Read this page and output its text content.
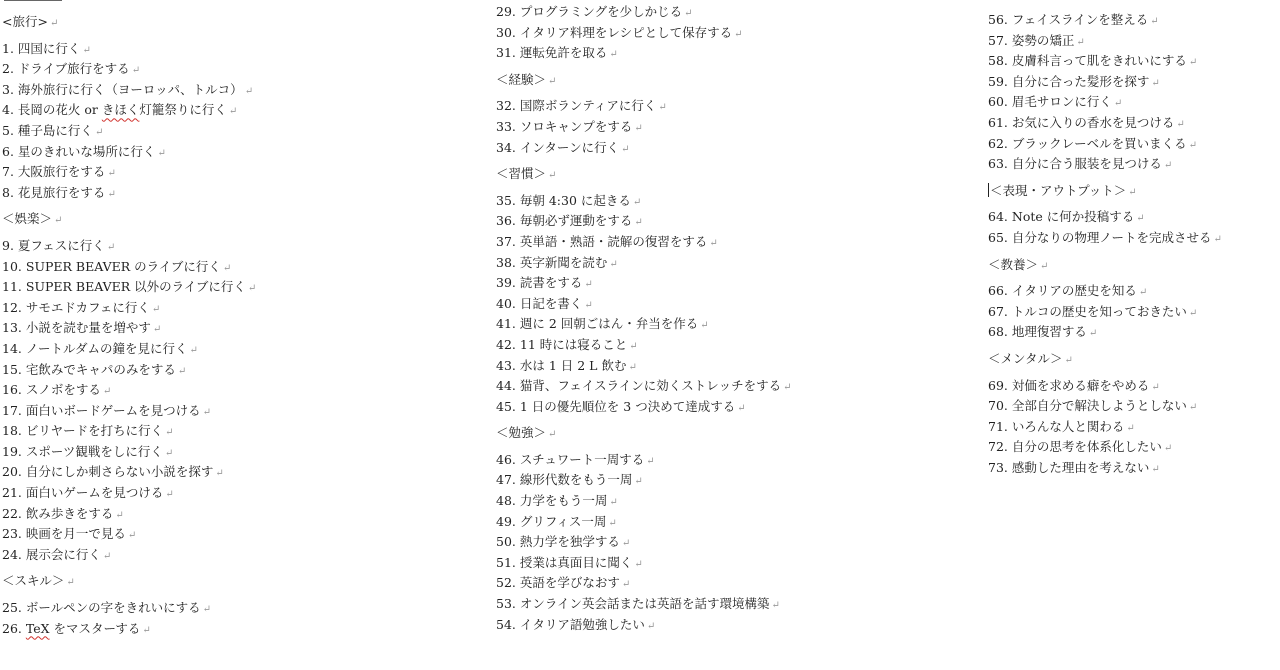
<旅行> ↵
1. 四国に行く ↵
2. ドライブ旅行をする ↵
3. 海外旅行に行く（ヨーロッパ、トルコ） ↵
4. 長岡の花火 or きほく灯籠祭りに行く ↵
5. 種子島に行く ↵
6. 星のきれいな場所に行く ↵
7. 大阪旅行をする ↵
8. 花見旅行をする ↵
＜娯楽＞ ↵
9. 夏フェスに行く ↵
10. SUPER BEAVER のライブに行く ↵
11. SUPER BEAVER 以外のライブに行く ↵
12. サモエドカフェに行く ↵
13. 小説を読む量を増やす ↵
14. ノートルダムの鐘を見に行く ↵
15. 宅飲みでキャパのみをする ↵
16. スノボをする ↵
17. 面白いボードゲームを見つける ↵
18. ビリヤードを打ちに行く ↵
19. スポーツ観戦をしに行く ↵
20. 自分にしか刺さらない小説を探す ↵
21. 面白いゲームを見つける ↵
22. 飲み歩きをする ↵
23. 映画を月一で見る ↵
24. 展示会に行く ↵
＜スキル＞ ↵
25. ボールペンの字をきれいにする ↵
26. TeX をマスターする ↵
29. プログラミングを少しかじる ↵
30. イタリア料理をレシピとして保存する ↵
31. 運転免許を取る ↵
＜経験＞ ↵
32. 国際ボランティアに行く ↵
33. ソロキャンプをする ↵
34. インターンに行く ↵
＜習慣＞ ↵
35. 毎朝 4:30 に起きる ↵
36. 毎朝必ず運動をする ↵
37. 英単語・熟語・読解の復習をする ↵
38. 英字新聞を読む ↵
39. 読書をする ↵
40. 日記を書く ↵
41. 週に 2 回朝ごはん・弁当を作る ↵
42. 11 時には寝ること ↵
43. 水は 1 日 2 L 飲む ↵
44. 猫背、フェイスラインに効くストレッチをする ↵
45. 1 日の優先順位を 3 つ決めて達成する ↵
＜勉強＞ ↵
46. スチュワート一周する ↵
47. 線形代数をもう一周 ↵
48. 力学をもう一周 ↵
49. グリフィス一周 ↵
50. 熱力学を独学する ↵
51. 授業は真面目に聞く ↵
52. 英語を学びなおす ↵
53. オンライン英会話または英語を話す環境構築 ↵
54. イタリア語勉強したい ↵
56. フェイスラインを整える ↵
57. 姿勢の矯正 ↵
58. 皮膚科言って肌をきれいにする ↵
59. 自分に合った髪形を探す ↵
60. 眉毛サロンに行く ↵
61. お気に入りの香水を見つける ↵
62. ブラックレーベルを買いまくる ↵
63. 自分に合う服装を見つける ↵
＜表現・アウトプット＞ ↵
64. Note に何か投稿する ↵
65. 自分なりの物理ノートを完成させる ↵
＜教養＞ ↵
66. イタリアの歴史を知る ↵
67. トルコの歴史を知っておきたい ↵
68. 地理復習する ↵
＜メンタル＞ ↵
69. 対価を求める癖をやめる ↵
70. 全部自分で解決しようとしない ↵
71. いろんな人と関わる ↵
72. 自分の思考を体系化したい ↵
73. 感動した理由を考えない ↵
